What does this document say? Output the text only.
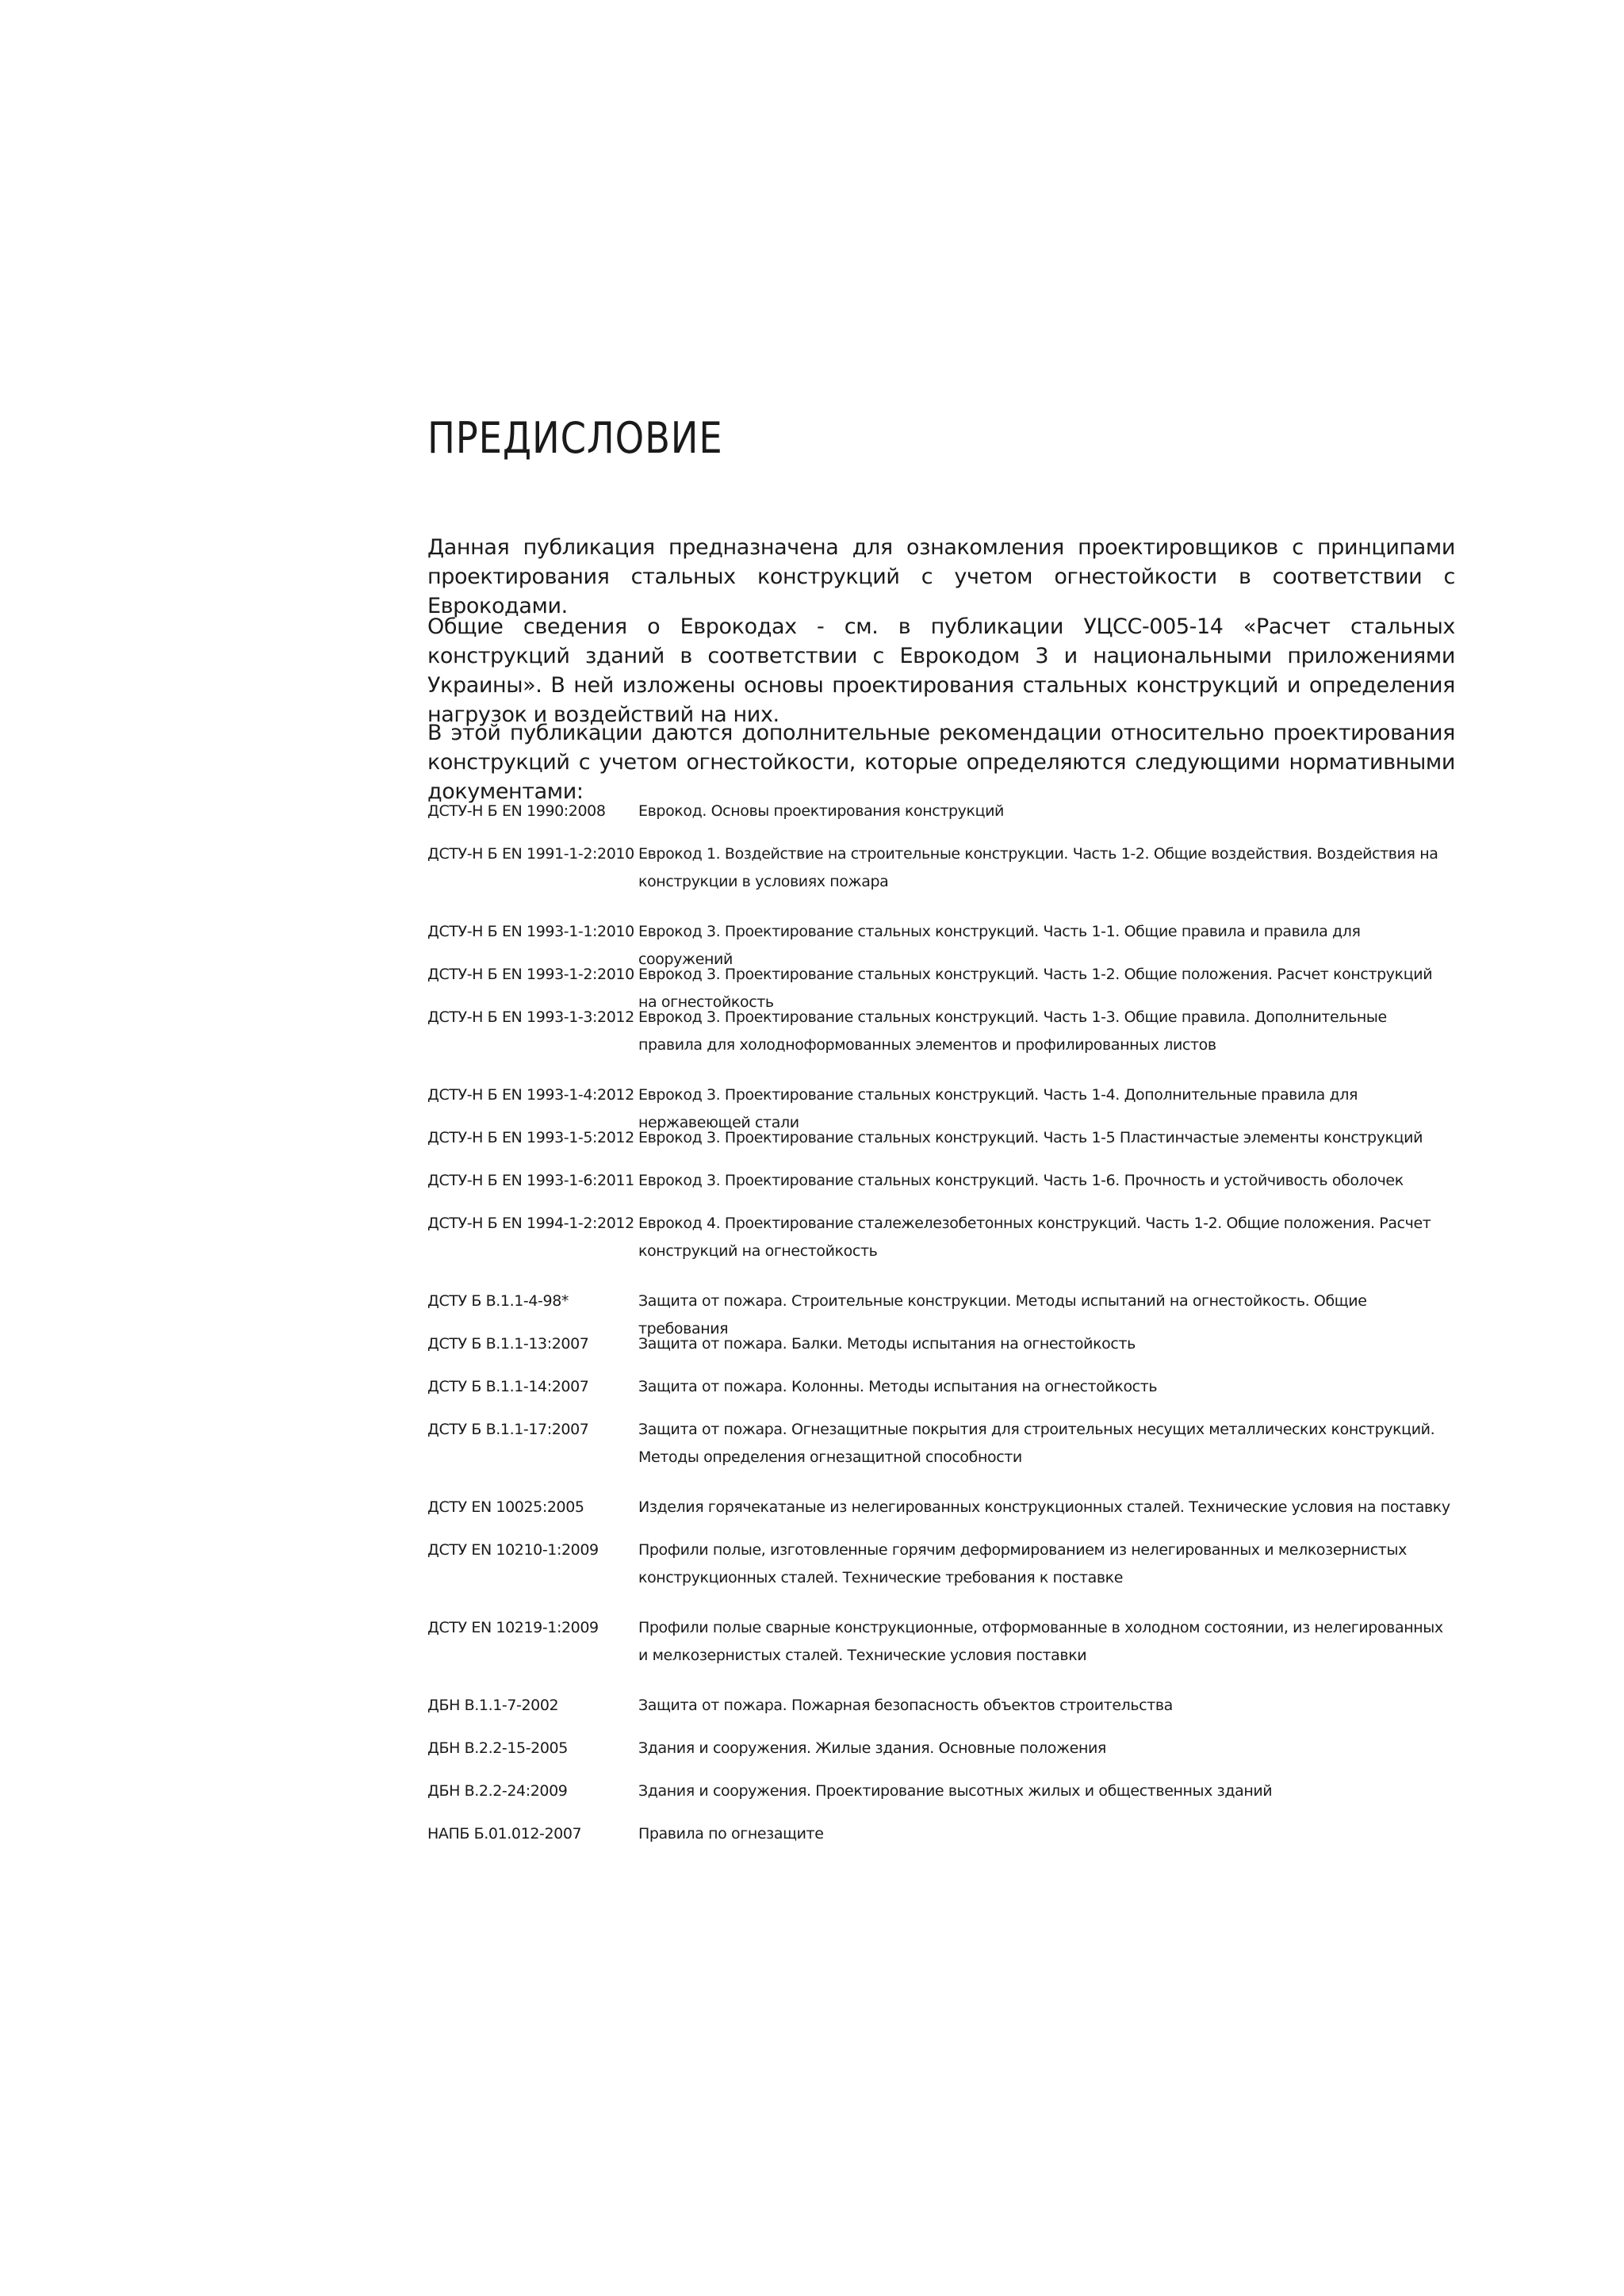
ПРЕДИСЛОВИЕ

Данная публикация предназначена для ознакомления проектировщиков с принципами проектирования стальных конструкций с учетом огнестойкости в соответствии с Еврокодами.

Общие сведения о Еврокодах - см. в публикации УЦСС-005-14 «Расчет стальных конструкций зданий в соответствии с Еврокодом 3 и национальными приложениями Украины». В ней изложены основы проектирования стальных конструкций и определения нагрузок и воздействий на них.

В этой публикации даются дополнительные рекомендации относительно проектирования конструкций с учетом огнестойкости, которые определяются следующими нормативными документами:

ДСТУ-Н Б EN 1990:2008	Еврокод. Основы проектирования конструкций
ДСТУ-Н Б EN 1991-1-2:2010 Еврокод 1. Воздействие на строительные конструкции. Часть 1-2. Общие воздействия. Воздействия на конструкции в условиях пожара
ДСТУ-Н Б EN 1993-1-1:2010 Еврокод 3. Проектирование стальных конструкций. Часть 1-1. Общие правила и правила для сооружений
ДСТУ-Н Б EN 1993-1-2:2010 Еврокод 3. Проектирование стальных конструкций. Часть 1-2. Общие положения. Расчет конструкций на огнестойкость
ДСТУ-Н Б EN 1993-1-3:2012 Еврокод 3. Проектирование стальных конструкций. Часть 1-3. Общие правила. Дополнительные правила для холодноформованных элементов и профилированных листов
ДСТУ-Н Б EN 1993-1-4:2012 Еврокод 3. Проектирование стальных конструкций. Часть 1-4. Дополнительные правила для нержавеющей стали
ДСТУ-Н Б EN 1993-1-5:2012 Еврокод 3. Проектирование стальных конструкций. Часть 1-5 Пластинчастые элементы конструкций
ДСТУ-Н Б EN 1993-1-6:2011 Еврокод 3. Проектирование стальных конструкций. Часть 1-6. Прочность и устойчивость оболочек
ДСТУ-Н Б EN 1994-1-2:2012 Еврокод 4. Проектирование сталежелезобетонных конструкций. Часть 1-2. Общие положения. Расчет конструкций на огнестойкость
ДСТУ Б В.1.1-4-98*	Защита от пожара. Строительные конструкции. Методы испытаний на огнестойкость. Общие требования
ДСТУ Б В.1.1-13:2007	Защита от пожара. Балки. Методы испытания на огнестойкость
ДСТУ Б В.1.1-14:2007	Защита от пожара. Колонны. Методы испытания на огнестойкость
ДСТУ Б В.1.1-17:2007	Защита от пожара. Огнезащитные покрытия для строительных несущих металлических конструкций. Методы определения огнезащитной способности
ДСТУ EN 10025:2005	Изделия горячекатаные из нелегированных конструкционных сталей. Технические условия на поставку
ДСТУ EN 10210-1:2009	Профили полые, изготовленные горячим деформированием из нелегированных и мелкозернистых конструкционных сталей. Технические требования к поставке
ДСТУ EN 10219-1:2009	Профили полые сварные конструкционные, отформованные в холодном состоянии, из нелегированных и мелкозернистых сталей. Технические условия поставки
ДБН В.1.1-7-2002	Защита от пожара. Пожарная безопасность объектов строительства
ДБН В.2.2-15-2005	Здания и сооружения. Жилые здания. Основные положения
ДБН В.2.2-24:2009	Здания и сооружения. Проектирование высотных жилых и общественных зданий
НАПБ Б.01.012-2007	Правила по огнезащите
